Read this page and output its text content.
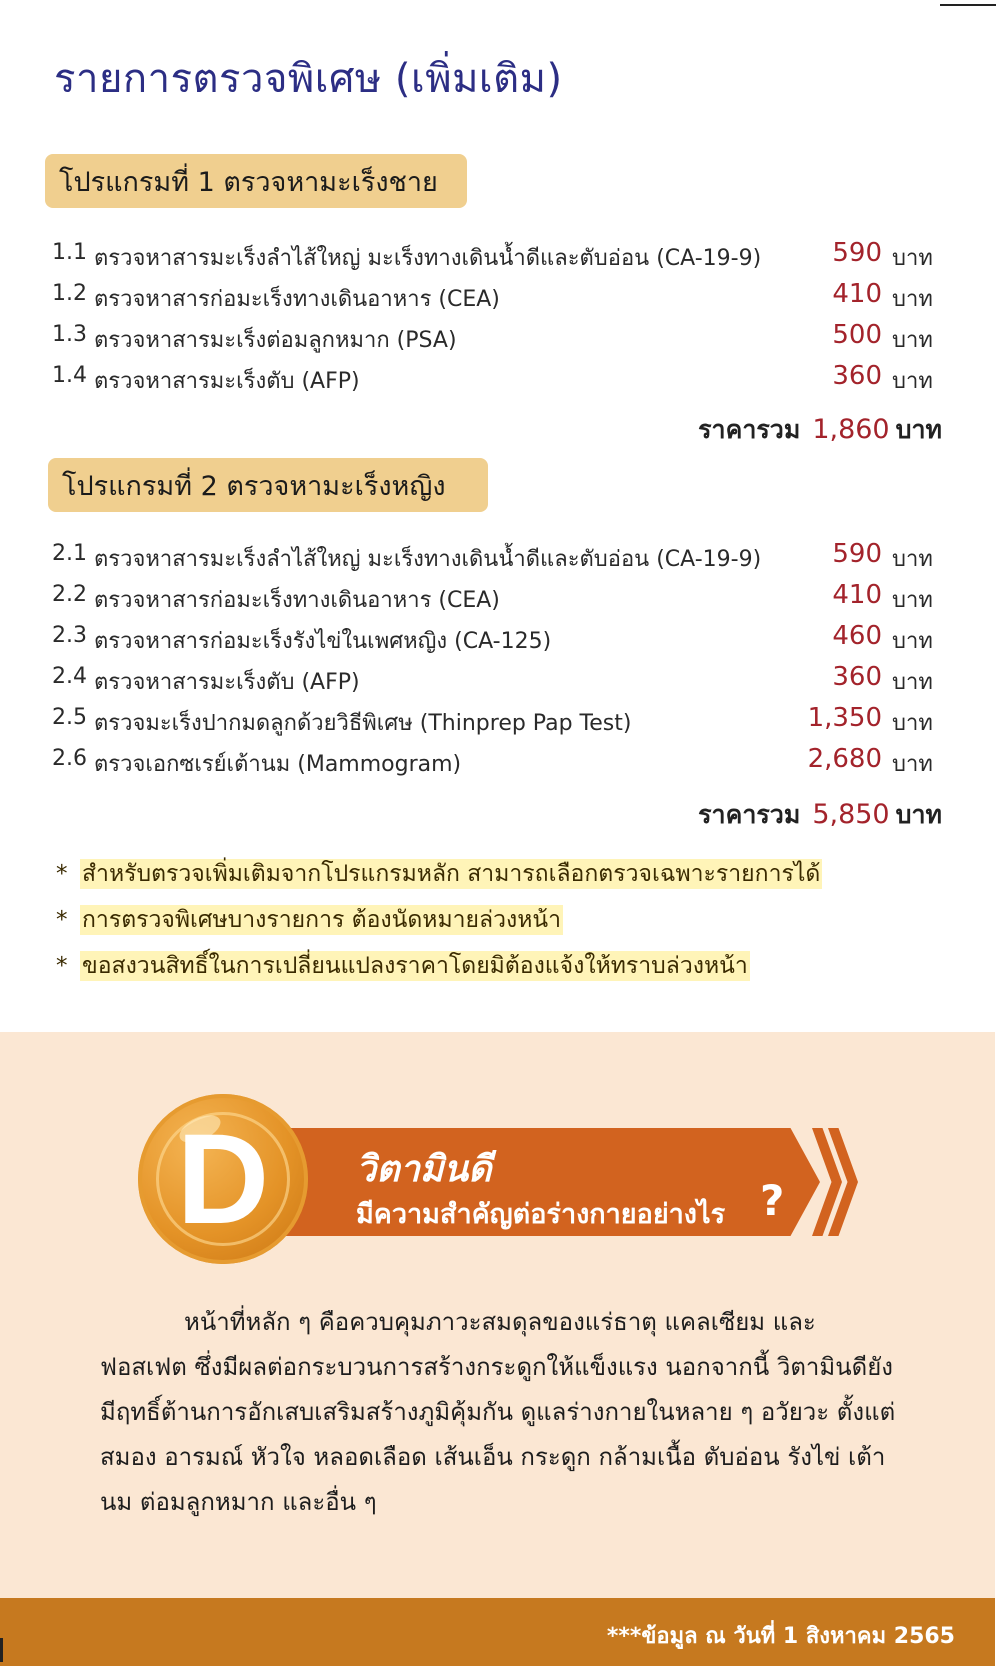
รายการตรวจพิเศษ (เพิ่มเติม)
โปรแกรมที่ 1 ตรวจหามะเร็งชาย
1.1 ตรวจหาสารมะเร็งลำไส้ใหญ่ มะเร็งทางเดินน้ำดีและตับอ่อน (CA-19-9)	590 บาท
1.2 ตรวจหาสารก่อมะเร็งทางเดินอาหาร (CEA)	410 บาท
1.3 ตรวจหาสารมะเร็งต่อมลูกหมาก (PSA)	500 บาท
1.4 ตรวจหาสารมะเร็งตับ (AFP)	360 บาท
ราคารวม 1,860 บาท
โปรแกรมที่ 2 ตรวจหามะเร็งหญิง
2.1 ตรวจหาสารมะเร็งลำไส้ใหญ่ มะเร็งทางเดินน้ำดีและตับอ่อน (CA-19-9)	590 บาท
2.2 ตรวจหาสารก่อมะเร็งทางเดินอาหาร (CEA)	410 บาท
2.3 ตรวจหาสารก่อมะเร็งรังไข่ในเพศหญิง (CA-125)	460 บาท
2.4 ตรวจหาสารมะเร็งตับ (AFP)	360 บาท
2.5 ตรวจมะเร็งปากมดลูกด้วยวิธีพิเศษ (Thinprep Pap Test)	1,350 บาท
2.6 ตรวจเอกซเรย์เต้านม (Mammogram)	2,680 บาท
ราคารวม 5,850 บาท
* สำหรับตรวจเพิ่มเติมจากโปรแกรมหลัก สามารถเลือกตรวจเฉพาะรายการได้
* การตรวจพิเศษบางรายการ ต้องนัดหมายล่วงหน้า
* ขอสงวนสิทธิ์ในการเปลี่ยนแปลงราคาโดยมิต้องแจ้งให้ทราบล่วงหน้า
D	วิตามินดี
มีความสำคัญต่อร่างกายอย่างไร ?

หน้าที่หลัก ๆ คือควบคุมภาวะสมดุลของแร่ธาตุ แคลเซียม และฟอสเฟต ซึ่งมีผลต่อกระบวนการสร้างกระดูกให้แข็งแรง นอกจากนี้ วิตามินดียังมีฤทธิ์ต้านการอักเสบเสริมสร้างภูมิคุ้มกัน ดูแลร่างกายในหลาย ๆ อวัยวะ ตั้งแต่สมอง อารมณ์ หัวใจ หลอดเลือด เส้นเอ็น กระดูก กล้ามเนื้อ ตับอ่อน รังไข่ เต้านม ต่อมลูกหมาก และอื่น ๆ

***ข้อมูล ณ วันที่ 1 สิงหาคม 2565
